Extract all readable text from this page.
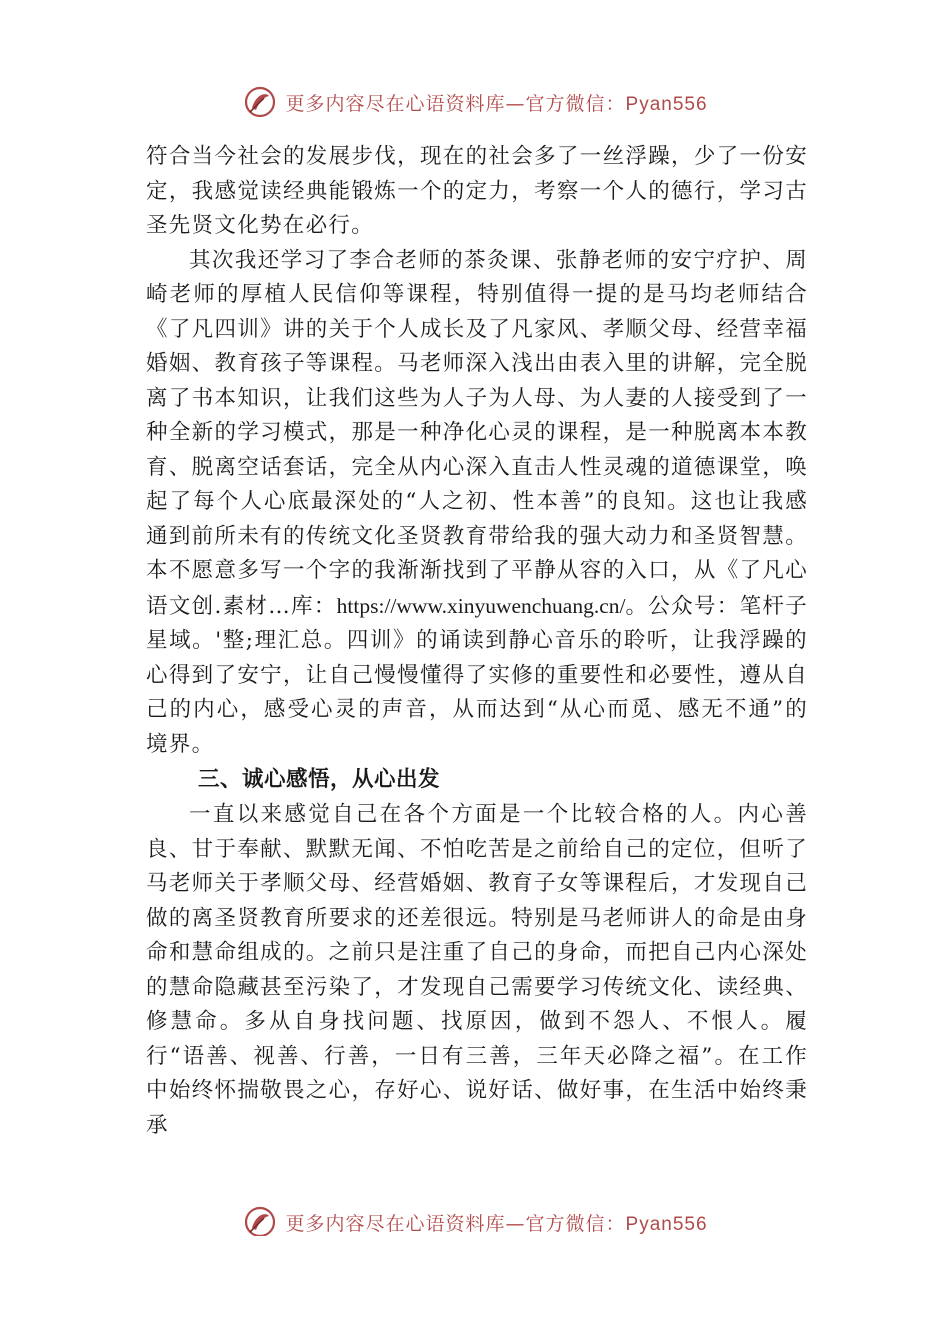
更多内容尽在心语资料库—官方微信：Pyan556

符合当今社会的发展步伐，现在的社会多了一丝浮躁，少了一份安定，我感觉读经典能锻炼一个的定力，考察一个人的德行，学习古圣先贤文化势在必行。

其次我还学习了李合老师的茶灸课、张静老师的安宁疗护、周崎老师的厚植人民信仰等课程，特别值得一提的是马均老师结合《了凡四训》讲的关于个人成长及了凡家风、孝顺父母、经营幸福婚姻、教育孩子等课程。马老师深入浅出由表入里的讲解，完全脱离了书本知识，让我们这些为人子为人母、为人妻的人接受到了一种全新的学习模式，那是一种净化心灵的课程，是一种脱离本本教育、脱离空话套话，完全从内心深入直击人性灵魂的道德课堂，唤起了每个人心底最深处的“人之初、性本善”的良知。这也让我感通到前所未有的传统文化圣贤教育带给我的强大动力和圣贤智慧。本不愿意多写一个字的我渐渐找到了平静从容的入口，从《了凡心语文创.素材…库：https://www.xinyuwenchuang.cn/。公众号：笔杆子星域。'整;理汇总。四训》的诵读到静心音乐的聆听，让我浮躁的心得到了安宁，让自己慢慢懂得了实修的重要性和必要性，遵从自己的内心，感受心灵的声音，从而达到“从心而觅、感无不通”的境界。

三、诚心感悟，从心出发

一直以来感觉自己在各个方面是一个比较合格的人。内心善良、甘于奉献、默默无闻、不怕吃苦是之前给自己的定位，但听了马老师关于孝顺父母、经营婚姻、教育子女等课程后，才发现自己做的离圣贤教育所要求的还差很远。特别是马老师讲人的命是由身命和慧命组成的。之前只是注重了自己的身命，而把自己内心深处的慧命隐藏甚至污染了，才发现自己需要学习传统文化、读经典、修慧命。多从自身找问题、找原因，做到不怨人、不恨人。履行“语善、视善、行善，一日有三善，三年天必降之福”。在工作中始终怀揣敬畏之心，存好心、说好话、做好事，在生活中始终秉承

更多内容尽在心语资料库—官方微信：Pyan556
